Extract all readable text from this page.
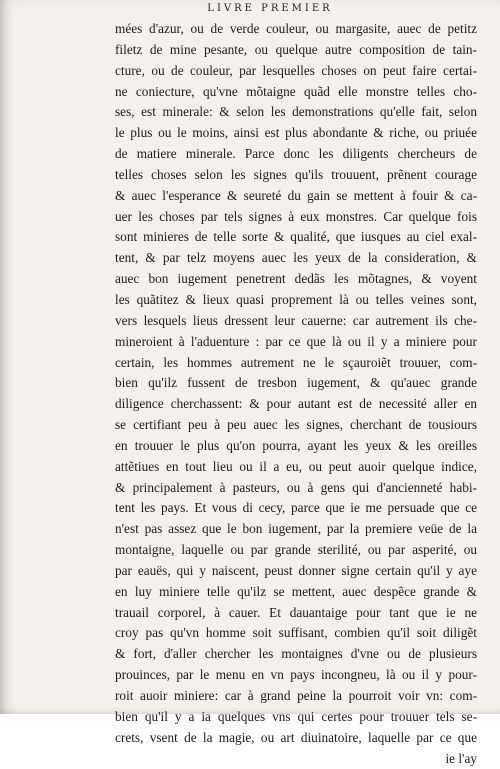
LIVRE PREMIER
mées d'azur, ou de verde couleur, ou margasite, auec de petitz
filetz de mine pesante, ou quelque autre composition de tain-
cture, ou de couleur, par lesquelles choses on peut faire certai-
ne coniecture, qu'vne mõtaigne quãd elle monstre telles cho-
ses, est minerale: & selon les demonstrations qu'elle fait, selon
le plus ou le moins, ainsi est plus abondante & riche, ou priuée
de matiere minerale. Parce donc les diligents chercheurs de
telles choses selon les signes qu'ils trouuent, prẽnent courage
& auec l'esperance & seureté du gain se mettent à fouir & ca-
uer les choses par tels signes à eux monstres. Car quelque fois
sont minieres de telle sorte & qualité, que iusques au ciel exal-
tent, & par telz moyens auec les yeux de la consideration, &
auec bon iugement penetrent dedãs les mõtagnes, & voyent
les quãtitez & lieux quasi proprement là ou telles veines sont,
vers lesquels lieus dressent leur cauerne: car autrement ils che-
mineroient à l'aduenture : par ce que là ou il y a miniere pour
certain, les hommes autrement ne le sçauroiẽt trouuer, com-
bien qu'ilz fussent de tresbon iugement, & qu'auec grande
diligence cherchassent: & pour autant est de necessité aller en
se certifiant peu à peu auec les signes, cherchant de tousiours
en trouuer le plus qu'on pourra, ayant les yeux & les oreilles
attẽtiues en tout lieu ou il a eu, ou peut auoir quelque indice,
& principalement à pasteurs, ou à gens qui d'ancienneté habi-
tent les pays. Et vous di cecy, parce que ie me persuade que ce
n'est pas assez que le bon iugement, par la premiere veüe de la
montaigne, laquelle ou par grande sterilité, ou par asperité, ou
par eauës, qui y naiscent, peust donner signe certain qu'il y aye
en luy miniere telle qu'ilz se mettent, auec despẽce grande &
trauail corporel, à cauer. Et dauantaige pour tant que ie ne
croy pas qu'vn homme soit suffisant, combien qu'il soit diligẽt
& fort, d'aller chercher les montaignes d'vne ou de plusieurs
prouinces, par le menu en vn pays incongneu, là ou il y pour-
roit auoir miniere: car à grand peine la pourroit voir vn: com-
bien qu'il y a ia quelques vns qui certes pour trouuer tels se-
crets, vsent de la magie, ou art diuinatoire, laquelle par ce que
ie l'ay
